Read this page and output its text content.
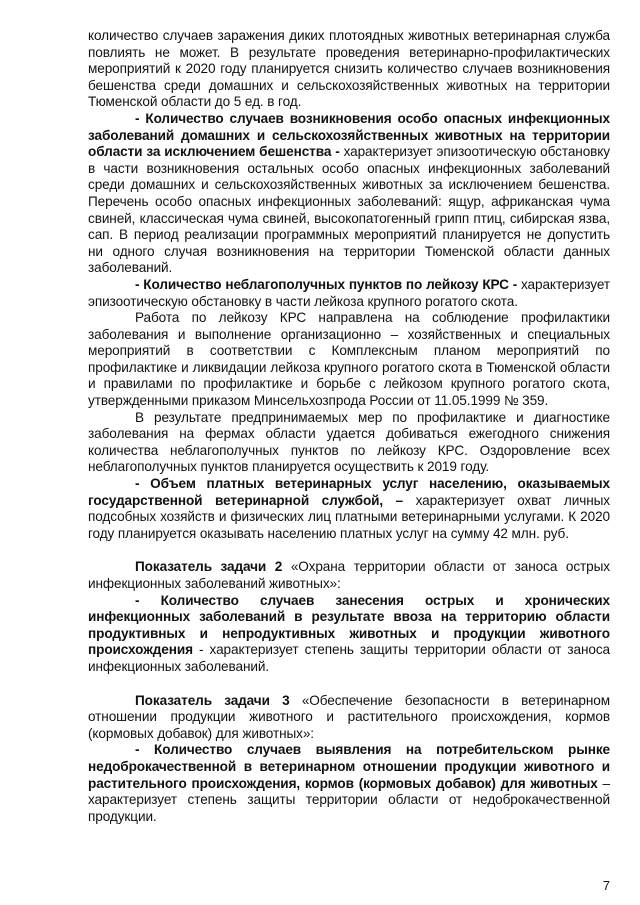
количество случаев заражения диких плотоядных животных ветеринарная служба повлиять не может. В результате проведения ветеринарно-профилактических мероприятий к 2020 году планируется снизить количество случаев возникновения бешенства среди домашних и сельскохозяйственных животных на территории Тюменской области до 5 ед. в год.

- Количество случаев возникновения особо опасных инфекционных заболеваний домашних и сельскохозяйственных животных на территории области за исключением бешенства - характеризует эпизоотическую обстановку в части возникновения остальных особо опасных инфекционных заболеваний среди домашних и сельскохозяйственных животных за исключением бешенства. Перечень особо опасных инфекционных заболеваний: ящур, африканская чума свиней, классическая чума свиней, высокопатогенный грипп птиц, сибирская язва, сап. В период реализации программных мероприятий планируется не допустить ни одного случая возникновения на территории Тюменской области данных заболеваний.

- Количество неблагополучных пунктов по лейкозу КРС - характеризует эпизоотическую обстановку в части лейкоза крупного рогатого скота.

Работа по лейкозу КРС направлена на соблюдение профилактики заболевания и выполнение организационно – хозяйственных и специальных мероприятий в соответствии с Комплексным планом мероприятий по профилактике и ликвидации лейкоза крупного рогатого скота в Тюменской области и правилами по профилактике и борьбе с лейкозом крупного рогатого скота, утвержденными приказом Минсельхозпрода России от 11.05.1999 № 359.

В результате предпринимаемых мер по профилактике и диагностике заболевания на фермах области удается добиваться ежегодного снижения количества неблагополучных пунктов по лейкозу КРС. Оздоровление всех неблагополучных пунктов планируется осуществить к 2019 году.

- Объем платных ветеринарных услуг населению, оказываемых государственной ветеринарной службой, – характеризует охват личных подсобных хозяйств и физических лиц платными ветеринарными услугами. К 2020 году планируется оказывать населению платных услуг на сумму 42 млн. руб.

Показатель задачи 2 «Охрана территории области от заноса острых инфекционных заболеваний животных»:

- Количество случаев занесения острых и хронических инфекционных заболеваний в результате ввоза на территорию области продуктивных и непродуктивных животных и продукции животного происхождения - характеризует степень защиты территории области от заноса инфекционных заболеваний.

Показатель задачи 3 «Обеспечение безопасности в ветеринарном отношении продукции животного и растительного происхождения, кормов (кормовых добавок) для животных»:

- Количество случаев выявления на потребительском рынке недоброкачественной в ветеринарном отношении продукции животного и растительного происхождения, кормов (кормовых добавок) для животных – характеризует степень защиты территории области от недоброкачественной продукции.

7
